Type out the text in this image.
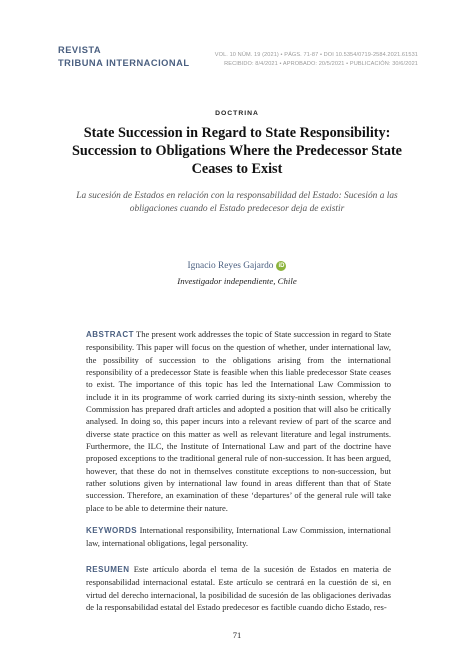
REVISTA
TRIBUNA INTERNACIONAL
VOL. 10 NÚM. 19 (2021) • PÁGS. 71-87 • DOI 10.5354/0719-2584.2021.61531
RECIBIDO: 8/4/2021 • APROBADO: 20/5/2021 • PUBLICACIÓN: 30/6/2021
DOCTRINA
State Succession in Regard to State Responsibility: Succession to Obligations Where the Predecessor State Ceases to Exist
La sucesión de Estados en relación con la responsabilidad del Estado: Sucesión a las obligaciones cuando el Estado predecesor deja de existir
Ignacio Reyes Gajardo iD
Investigador independiente, Chile
ABSTRACT The present work addresses the topic of State succession in regard to State responsibility. This paper will focus on the question of whether, under international law, the possibility of succession to the obligations arising from the international responsibility of a predecessor State is feasible when this liable predecessor State ceases to exist. The importance of this topic has led the International Law Commission to include it in its programme of work carried during its sixty-ninth session, whereby the Commission has prepared draft articles and adopted a position that will also be critically analysed. In doing so, this paper incurs into a relevant review of part of the scarce and diverse state practice on this matter as well as relevant literature and legal instruments. Furthermore, the ILC, the Institute of International Law and part of the doctrine have proposed exceptions to the traditional general rule of non-succession. It has been argued, however, that these do not in themselves constitute exceptions to non-succession, but rather solutions given by international law found in areas different than that of State succession. Therefore, an examination of these ‘departures’ of the general rule will take place to be able to determine their nature.
KEYWORDS International responsibility, International Law Commission, international law, international obligations, legal personality.
RESUMEN Este artículo aborda el tema de la sucesión de Estados en materia de responsabilidad internacional estatal. Este artículo se centrará en la cuestión de si, en virtud del derecho internacional, la posibilidad de sucesión de las obligaciones derivadas de la responsabilidad estatal del Estado predecesor es factible cuando dicho Estado, res-
71
